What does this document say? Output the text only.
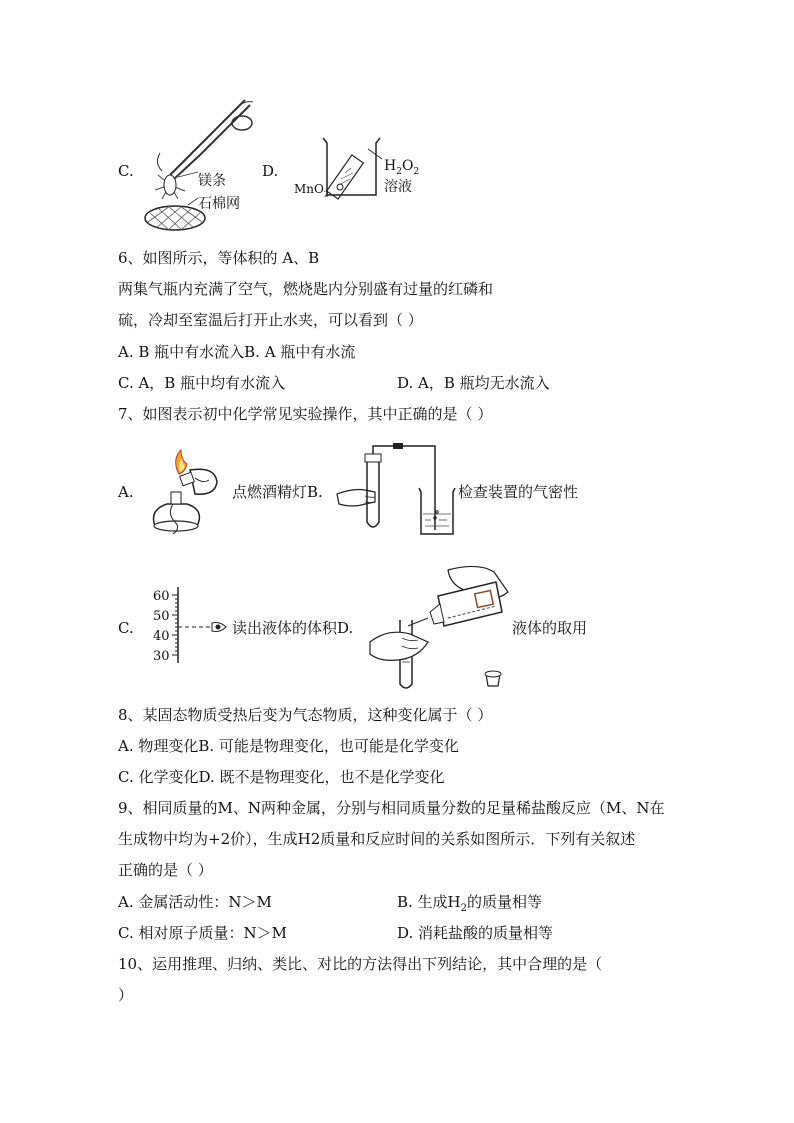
C.
镁条
石棉网
D.	$H_2O_2$
溶液
MnO$_2$
6、如图所示，等体积的 A、B
两集气瓶内充满了空气，燃烧匙内分别盛有过量的红磷和
硫，冷却至室温后打开止水夹，可以看到（ ）
A. B 瓶中有水流入B. A 瓶中有水流
C. A，B 瓶中均有水流入	D. A，B 瓶均无水流入
7、如图表示初中化学常见实验操作，其中正确的是（ ）
A.	点燃酒精灯B.	检查装置的气密性
C.
60
50
40
30
读出液体的体积D.	液体的取用
8、某固态物质受热后变为气态物质，这种变化属于（ ）
A. 物理变化B. 可能是物理变化，也可能是化学变化
C. 化学变化D. 既不是物理变化，也不是化学变化
9、相同质量的M、N两种金属，分别与相同质量分数的足量稀盐酸反应（M、N在
生成物中均为+2价），生成H2质量和反应时间的关系如图所示．下列有关叙述
正确的是（ ）
A. 金属活动性：N＞M	B. 生成$H_2$的质量相等
C. 相对原子质量：N＞M	D. 消耗盐酸的质量相等
10、运用推理、归纳、类比、对比的方法得出下列结论，其中合理的是（
）
